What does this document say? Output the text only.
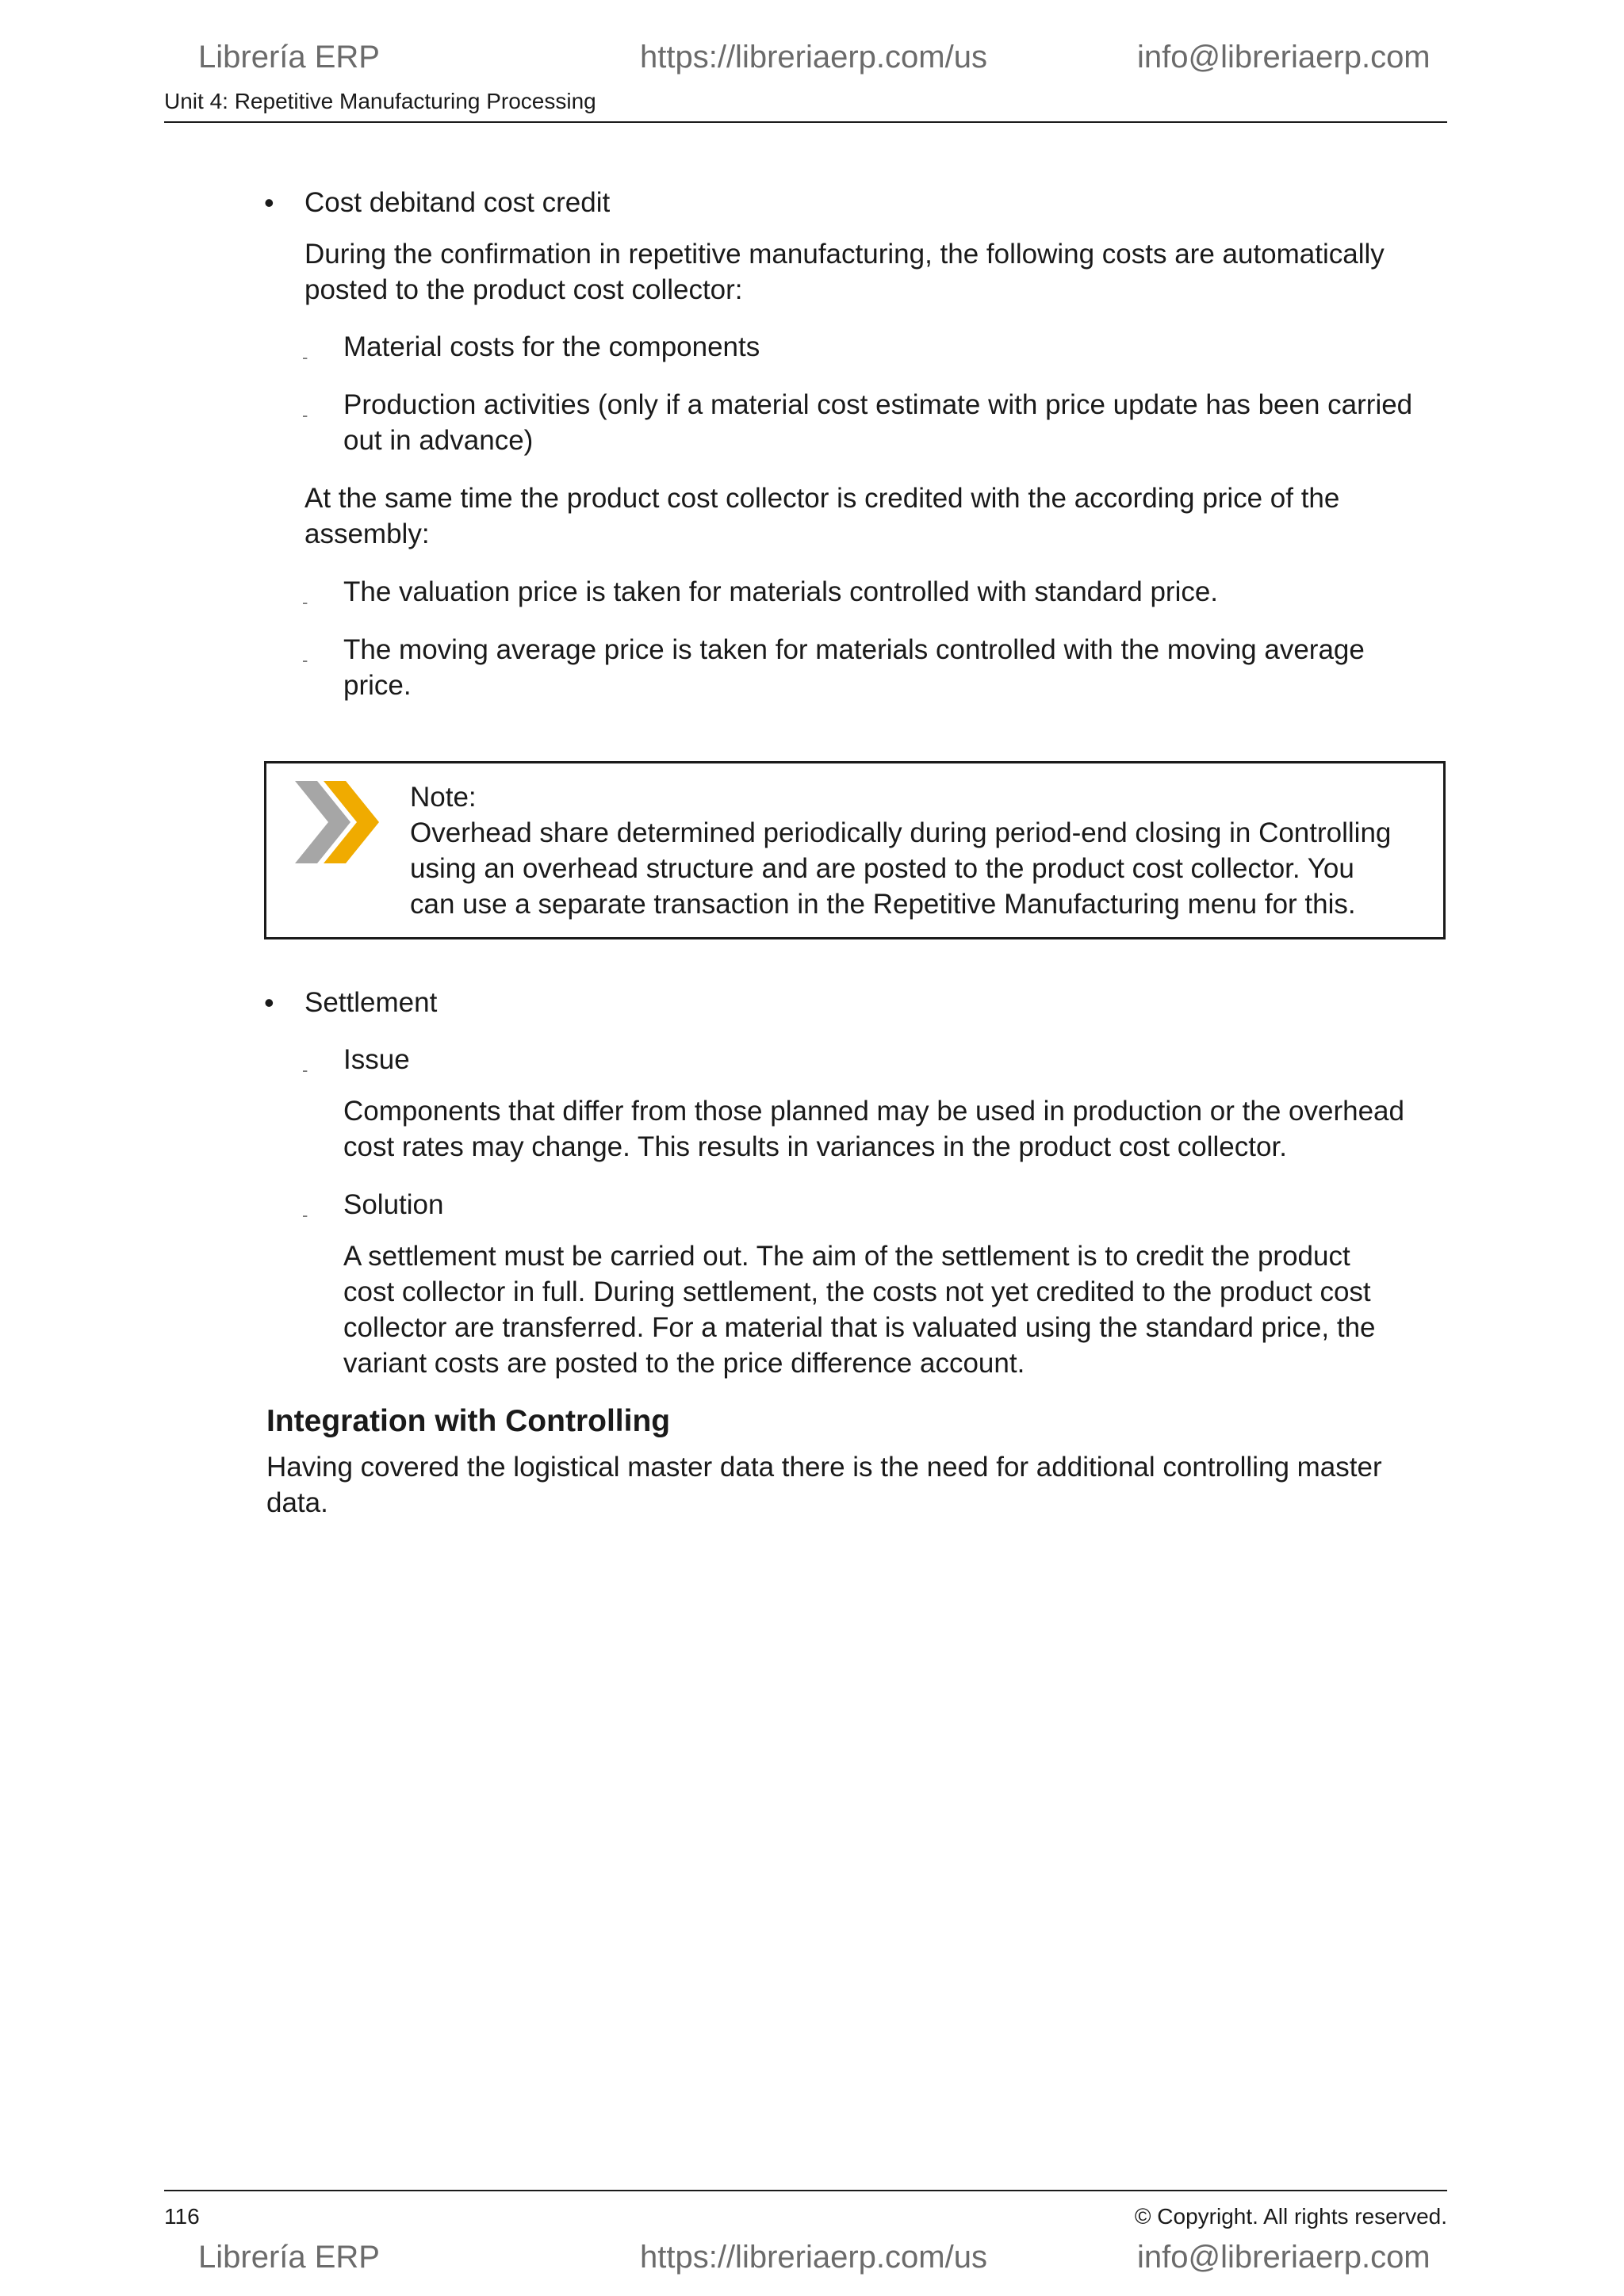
Librería ERP	https://libreriaerp.com/us	info@libreriaerp.com
Unit 4: Repetitive Manufacturing Processing
• Cost debitand cost credit
During the confirmation in repetitive manufacturing, the following costs are automatically
posted to the product cost collector:
- Material costs for the components
- Production activities (only if a material cost estimate with price update has been carried
out in advance)
At the same time the product cost collector is credited with the according price of the
assembly:
- The valuation price is taken for materials controlled with standard price.
- The moving average price is taken for materials controlled with the moving average
price.
Note:
Overhead share determined periodically during period-end closing in Controlling
using an overhead structure and are posted to the product cost collector. You
can use a separate transaction in the Repetitive Manufacturing menu for this.
• Settlement
- Issue
Components that differ from those planned may be used in production or the overhead
cost rates may change. This results in variances in the product cost collector.
- Solution
A settlement must be carried out. The aim of the settlement is to credit the product
cost collector in full. During settlement, the costs not yet credited to the product cost
collector are transferred. For a material that is valuated using the standard price, the
variant costs are posted to the price difference account.
Integration with Controlling
Having covered the logistical master data there is the need for additional controlling master
data.
116	© Copyright. All rights reserved.
Librería ERP	https://libreriaerp.com/us	info@libreriaerp.com
